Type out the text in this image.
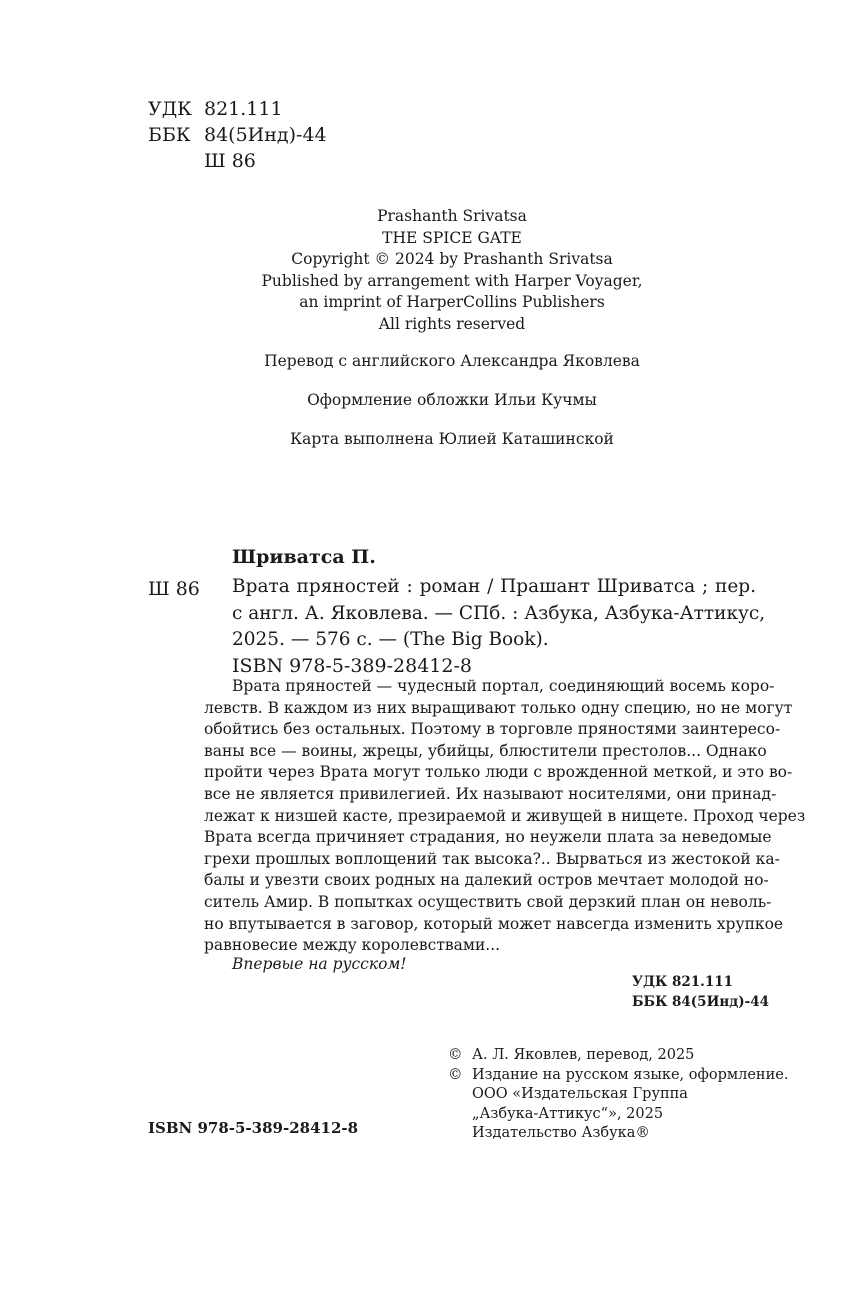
УДК 821.111
ББК 84(5Инд)-44
Ш 86
Prashanth Srivatsa
THE SPICE GATE
Copyright © 2024 by Prashanth Srivatsa
Published by arrangement with Harper Voyager,
an imprint of HarperCollins Publishers
All rights reserved
Перевод с английского Александра Яковлева
Оформление обложки Ильи Кучмы
Карта выполнена Юлией Каташинской
Шриватса П.
Ш 86 Врата пряностей : роман / Прашант Шриватса ; пер.
с англ. А. Яковлева. — СПб. : Азбука, Азбука-Аттикус,
2025. — 576 с. — (The Big Book).
ISBN 978-5-389-28412-8
Врата пряностей — чудесный портал, соединяющий восемь коро-
левств. В каждом из них выращивают только одну специю, но не могут
обойтись без остальных. Поэтому в торговле пряностями заинтересо-
ваны все — воины, жрецы, убийцы, блюстители престолов... Однако
пройти через Врата могут только люди с врожденной меткой, и это во-
все не является привилегией. Их называют носителями, они принад-
лежат к низшей касте, презираемой и живущей в нищете. Проход через
Врата всегда причиняет страдания, но неужели плата за неведомые
грехи прошлых воплощений так высока?.. Вырваться из жестокой ка-
балы и увезти своих родных на далекий остров мечтает молодой но-
ситель Амир. В попытках осуществить свой дерзкий план он неволь-
но впутывается в заговор, который может навсегда изменить хрупкое
равновесие между королевствами...
Впервые на русском!
УДК 821.111
ББК 84(5Инд)-44
© А. Л. Яковлев, перевод, 2025
© Издание на русском языке, оформление.
ООО «Издательская Группа
„Азбука-Аттикус“», 2025
Издательство Азбука®
ISBN 978-5-389-28412-8
